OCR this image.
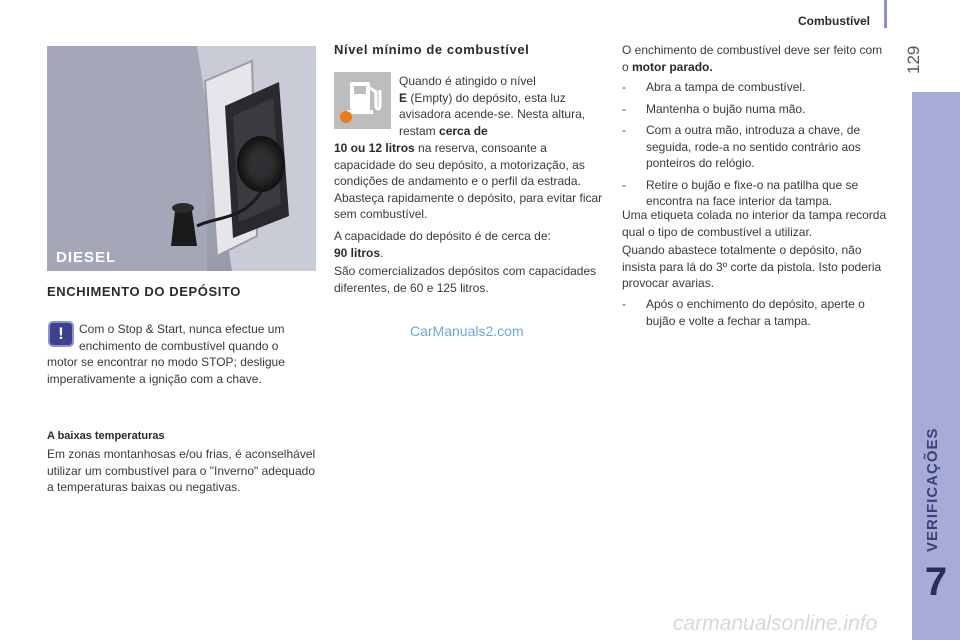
Combustível
129
VERIFICAÇÕES
7
DIESEL
ENCHIMENTO DO DEPÓSITO
!	Com o Stop & Start, nunca efectue um enchimento de combustível quando o

motor se encontrar no modo STOP; desligue imperativamente a ignição com a chave.

A baixas temperaturas

Em zonas montanhosas e/ou frias, é aconselhável utilizar um combustível para o "Inverno" adequado a temperaturas baixas ou negativas.

Nível mínimo de combustível

Quando é atingido o nível
E (Empty) do depósito, esta luz avisadora acende-se. Nesta altura, restam cerca de

10 ou 12 litros na reserva, consoante a capacidade do seu depósito, a motorização, as condições de andamento e o perfil da estrada. Abasteça rapidamente o depósito, para evitar ficar sem combustível.

A capacidade do depósito é de cerca de:
90 litros.

São comercializados depósitos com capacidades diferentes, de 60 e 125 litros.

CarManuals2.com

O enchimento de combustível deve ser feito com o motor parado.

- Abra a tampa de combustível.
- Mantenha o bujão numa mão.
- Com a outra mão, introduza a chave, de seguida, rode-a no sentido contrário aos ponteiros do relógio.
- Retire o bujão e fixe-o na patilha que se encontra na face interior da tampa.

Uma etiqueta colada no interior da tampa recorda qual o tipo de combustível a utilizar.

Quando abastece totalmente o depósito, não insista para lá do 3º corte da pistola. Isto poderia provocar avarias.

- Após o enchimento do depósito, aperte o bujão e volte a fechar a tampa.
carmanualsonline.info
